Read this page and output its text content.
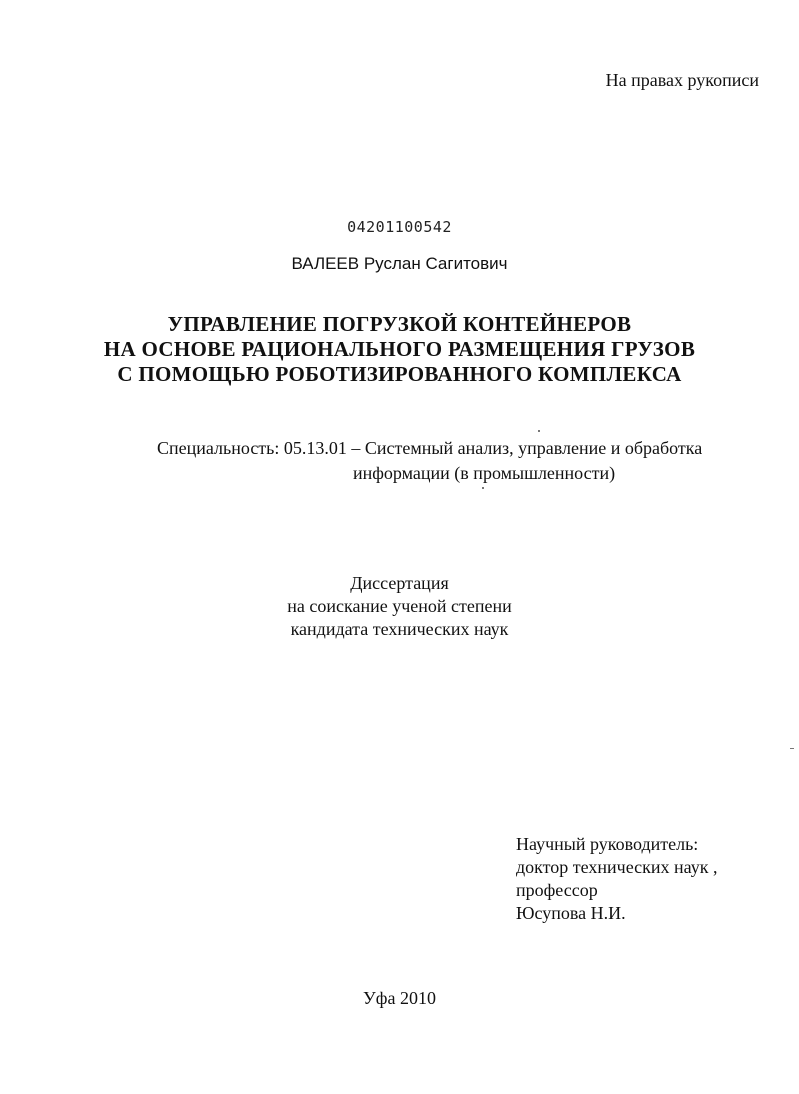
На правах рукописи
04201100542
ВАЛЕЕВ Руслан Сагитович
УПРАВЛЕНИЕ ПОГРУЗКОЙ КОНТЕЙНЕРОВ
НА ОСНОВЕ РАЦИОНАЛЬНОГО РАЗМЕЩЕНИЯ ГРУЗОВ
С ПОМОЩЬЮ РОБОТИЗИРОВАННОГО КОМПЛЕКСА
Специальность: 05.13.01 – Системный анализ, управление и обработка
информации (в промышленности)
Диссертация
на соискание ученой степени
кандидата технических наук
Научный руководитель:
доктор технических наук ,
профессор
Юсупова Н.И.
Уфа 2010
